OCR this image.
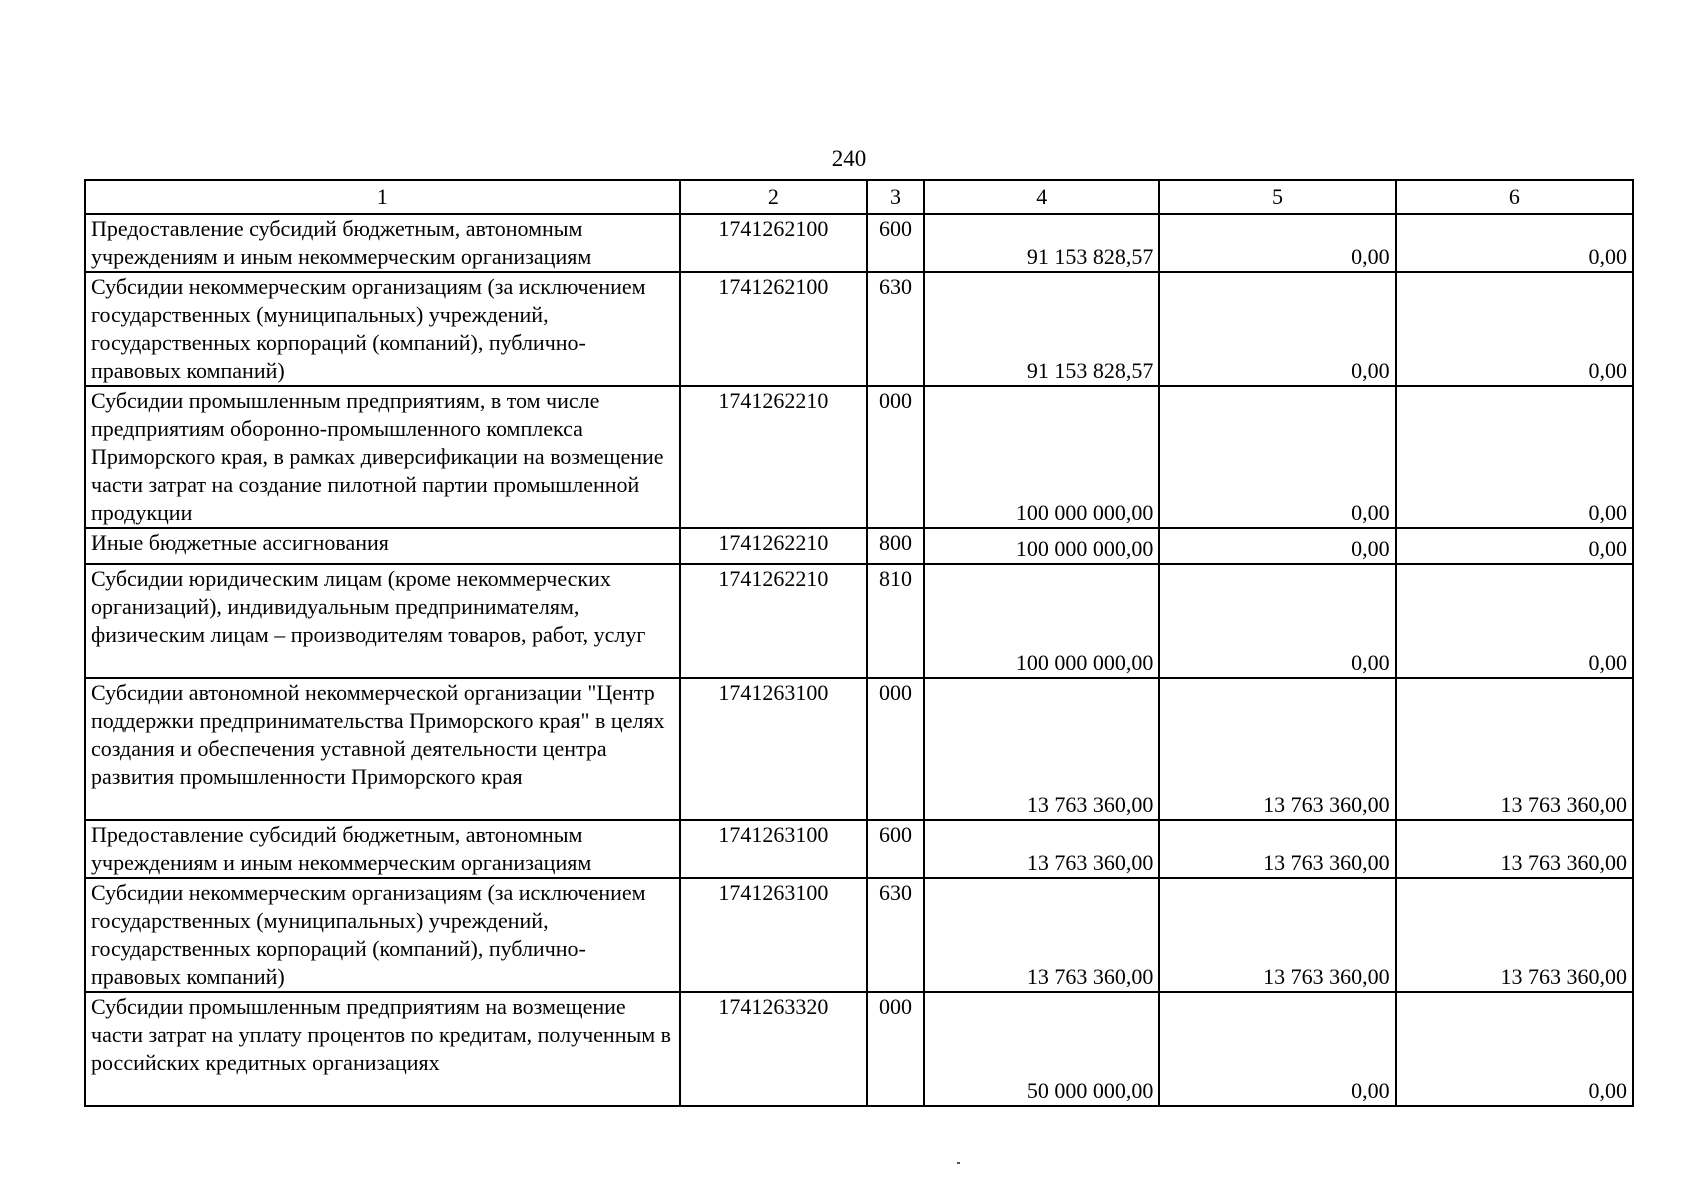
240
1	2	3	4	5	6
Предоставление субсидий бюджетным, автономным учреждениям и иным некоммерческим организациям	1741262100	600	91 153 828,57	0,00	0,00
Субсидии некоммерческим организациям (за исключением государственных (муниципальных) учреждений, государственных корпораций (компаний), публично-правовых компаний)	1741262100	630	91 153 828,57	0,00	0,00
Субсидии промышленным предприятиям, в том числе предприятиям оборонно-промышленного комплекса Приморского края, в рамках диверсификации на возмещение части затрат на создание пилотной партии промышленной продукции	1741262210	000	100 000 000,00	0,00	0,00
Иные бюджетные ассигнования	1741262210	800	100 000 000,00	0,00	0,00
Субсидии юридическим лицам (кроме некоммерческих организаций), индивидуальным предпринимателям, физическим лицам – производителям товаров, работ, услуг	1741262210	810	100 000 000,00	0,00	0,00
Субсидии автономной некоммерческой организации "Центр поддержки предпринимательства Приморского края" в целях создания и обеспечения уставной деятельности центра развития промышленности Приморского края	1741263100	000	13 763 360,00	13 763 360,00	13 763 360,00
Предоставление субсидий бюджетным, автономным учреждениям и иным некоммерческим организациям	1741263100	600	13 763 360,00	13 763 360,00	13 763 360,00
Субсидии некоммерческим организациям (за исключением государственных (муниципальных) учреждений, государственных корпораций (компаний), публично-правовых компаний)	1741263100	630	13 763 360,00	13 763 360,00	13 763 360,00
Субсидии промышленным предприятиям на возмещение части затрат на уплату процентов по кредитам, полученным в российских кредитных организациях	1741263320	000	50 000 000,00	0,00	0,00
